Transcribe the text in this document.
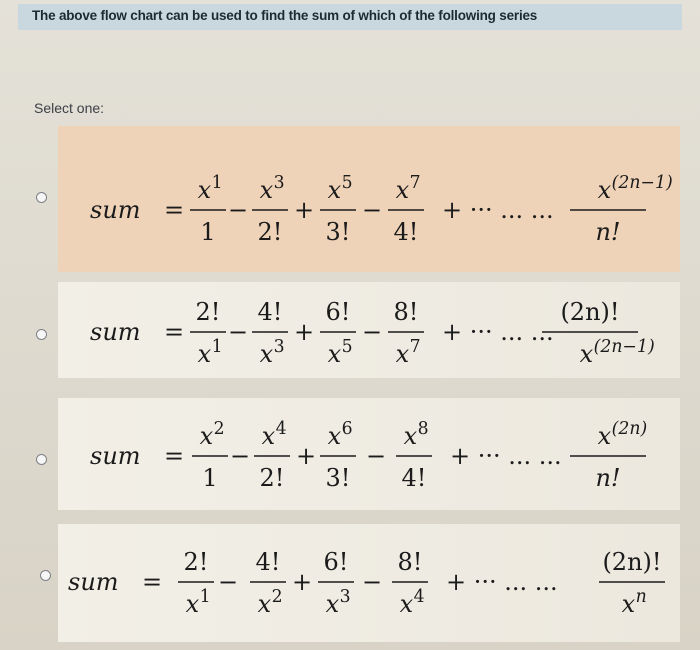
The above flow chart can be used to find the sum of which of the following series
Select one:
sum =
x 1
1
−
x 3
2!
+
x 5
3!
−
x 7
4!
+ ··· ... ...
x (2n−1)
n!
sum =
2!
x 1
−
4!
x 3
+
6!
x 5
−
8!
x 7
+ ··· ... ...
(2n)!
x (2n−1)
sum =
x 2
1
−
x 4
2!
+
x 6
3!
−
x 8
4!
+ ··· ... ...
x (2n)
n!
sum =
2!
x 1
−
4!
x 2
+
6!
x 3
−
8!
x 4
+ ··· ... ...
(2n)!
x n
